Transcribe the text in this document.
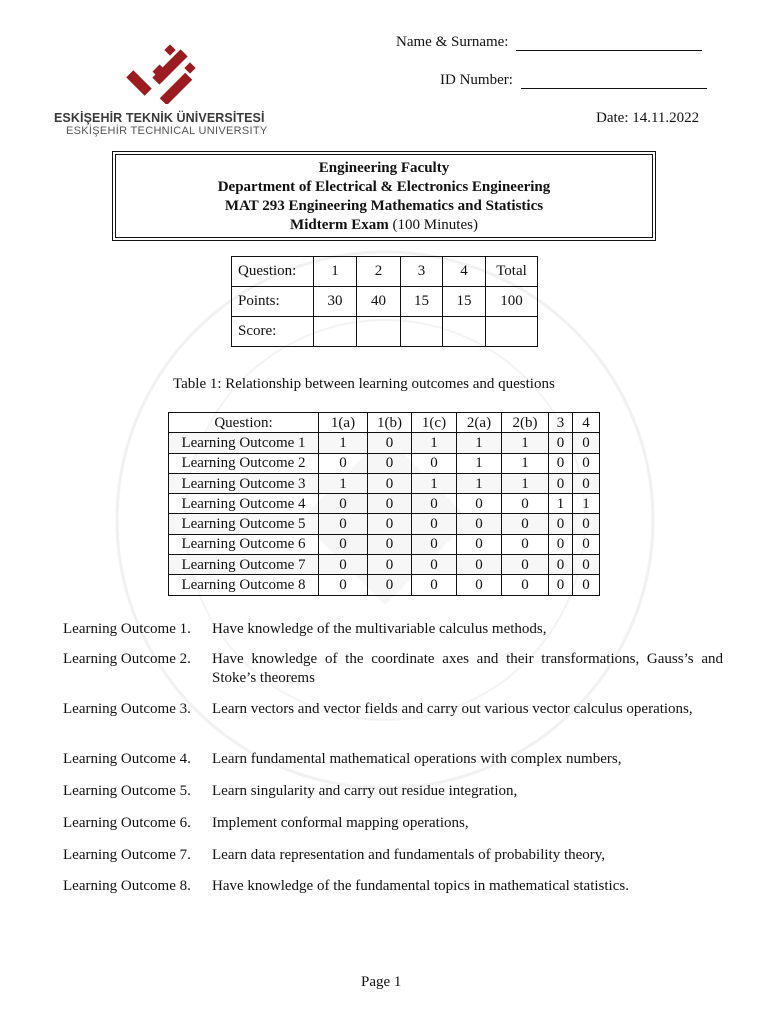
ESKİŞEHİR TEKNİK ÜNİVERSİTESİ
ESKİŞEHİR TECHNICAL UNIVERSITY
Name & Surname:
ID Number:
Date: 14.11.2022
Engineering Faculty
Department of Electrical & Electronics Engineering
MAT 293 Engineering Mathematics and Statistics
Midterm Exam (100 Minutes)
Question:	1	2	3	4	Total
Points:	30	40	15	15	100
Score:					
Table 1: Relationship between learning outcomes and questions
Question:	1(a)	1(b)	1(c)	2(a)	2(b)	3	4
Learning Outcome 1	1	0	1	1	1	0	0
Learning Outcome 2	0	0	0	1	1	0	0
Learning Outcome 3	1	0	1	1	1	0	0
Learning Outcome 4	0	0	0	0	0	1	1
Learning Outcome 5	0	0	0	0	0	0	0
Learning Outcome 6	0	0	0	0	0	0	0
Learning Outcome 7	0	0	0	0	0	0	0
Learning Outcome 8	0	0	0	0	0	0	0
Learning Outcome 1.	Have knowledge of the multivariable calculus methods,
Learning Outcome 2.	Have knowledge of the coordinate axes and their transformations, Gauss’s and Stoke’s theorems
Learning Outcome 3.	Learn vectors and vector fields and carry out various vector calculus operations,
Learning Outcome 4.	Learn fundamental mathematical operations with complex numbers,
Learning Outcome 5.	Learn singularity and carry out residue integration,
Learning Outcome 6.	Implement conformal mapping operations,
Learning Outcome 7.	Learn data representation and fundamentals of probability theory,
Learning Outcome 8.	Have knowledge of the fundamental topics in mathematical statistics.
Page 1
